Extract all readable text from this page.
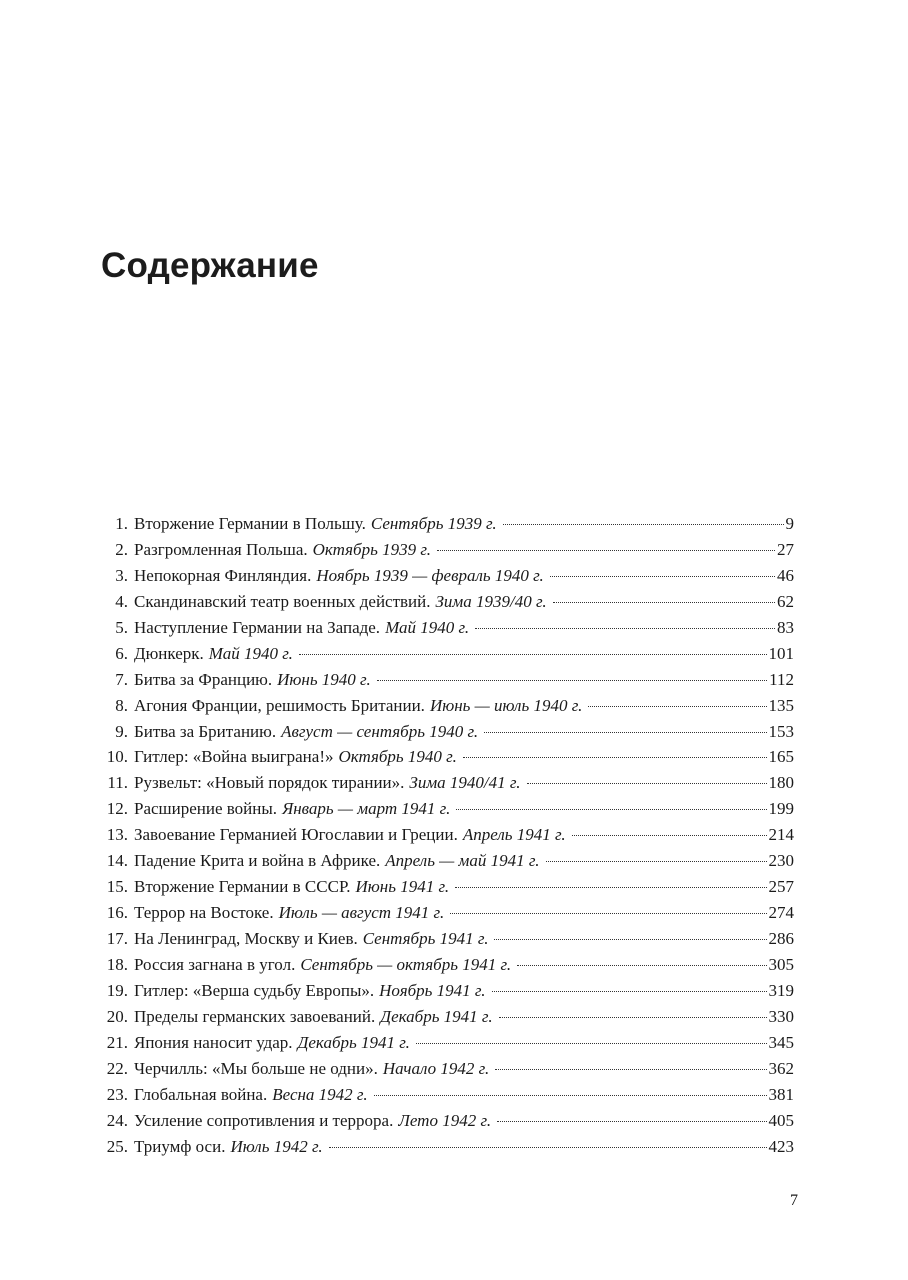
Содержание
1. Вторжение Германии в Польшу. Сентябрь 1939 г.	9
2. Разгромленная Польша. Октябрь 1939 г.	27
3. Непокорная Финляндия. Ноябрь 1939 — февраль 1940 г.	46
4. Скандинавский театр военных действий. Зима 1939/40 г.	62
5. Наступление Германии на Западе. Май 1940 г.	83
6. Дюнкерк. Май 1940 г.	101
7. Битва за Францию. Июнь 1940 г.	112
8. Агония Франции, решимость Британии. Июнь — июль 1940 г.	135
9. Битва за Британию. Август — сентябрь 1940 г.	153
10. Гитлер: «Война выиграна!» Октябрь 1940 г.	165
11. Рузвельт: «Новый порядок тирании». Зима 1940/41 г.	180
12. Расширение войны. Январь — март 1941 г.	199
13. Завоевание Германией Югославии и Греции. Апрель 1941 г.	214
14. Падение Крита и война в Африке. Апрель — май 1941 г.	230
15. Вторжение Германии в СССР. Июнь 1941 г.	257
16. Террор на Востоке. Июль — август 1941 г.	274
17. На Ленинград, Москву и Киев. Сентябрь 1941 г.	286
18. Россия загнана в угол. Сентябрь — октябрь 1941 г.	305
19. Гитлер: «Верша судьбу Европы». Ноябрь 1941 г.	319
20. Пределы германских завоеваний. Декабрь 1941 г.	330
21. Япония наносит удар. Декабрь 1941 г.	345
22. Черчилль: «Мы больше не одни». Начало 1942 г.	362
23. Глобальная война. Весна 1942 г.	381
24. Усиление сопротивления и террора. Лето 1942 г.	405
25. Триумф оси. Июль 1942 г.	423
7
